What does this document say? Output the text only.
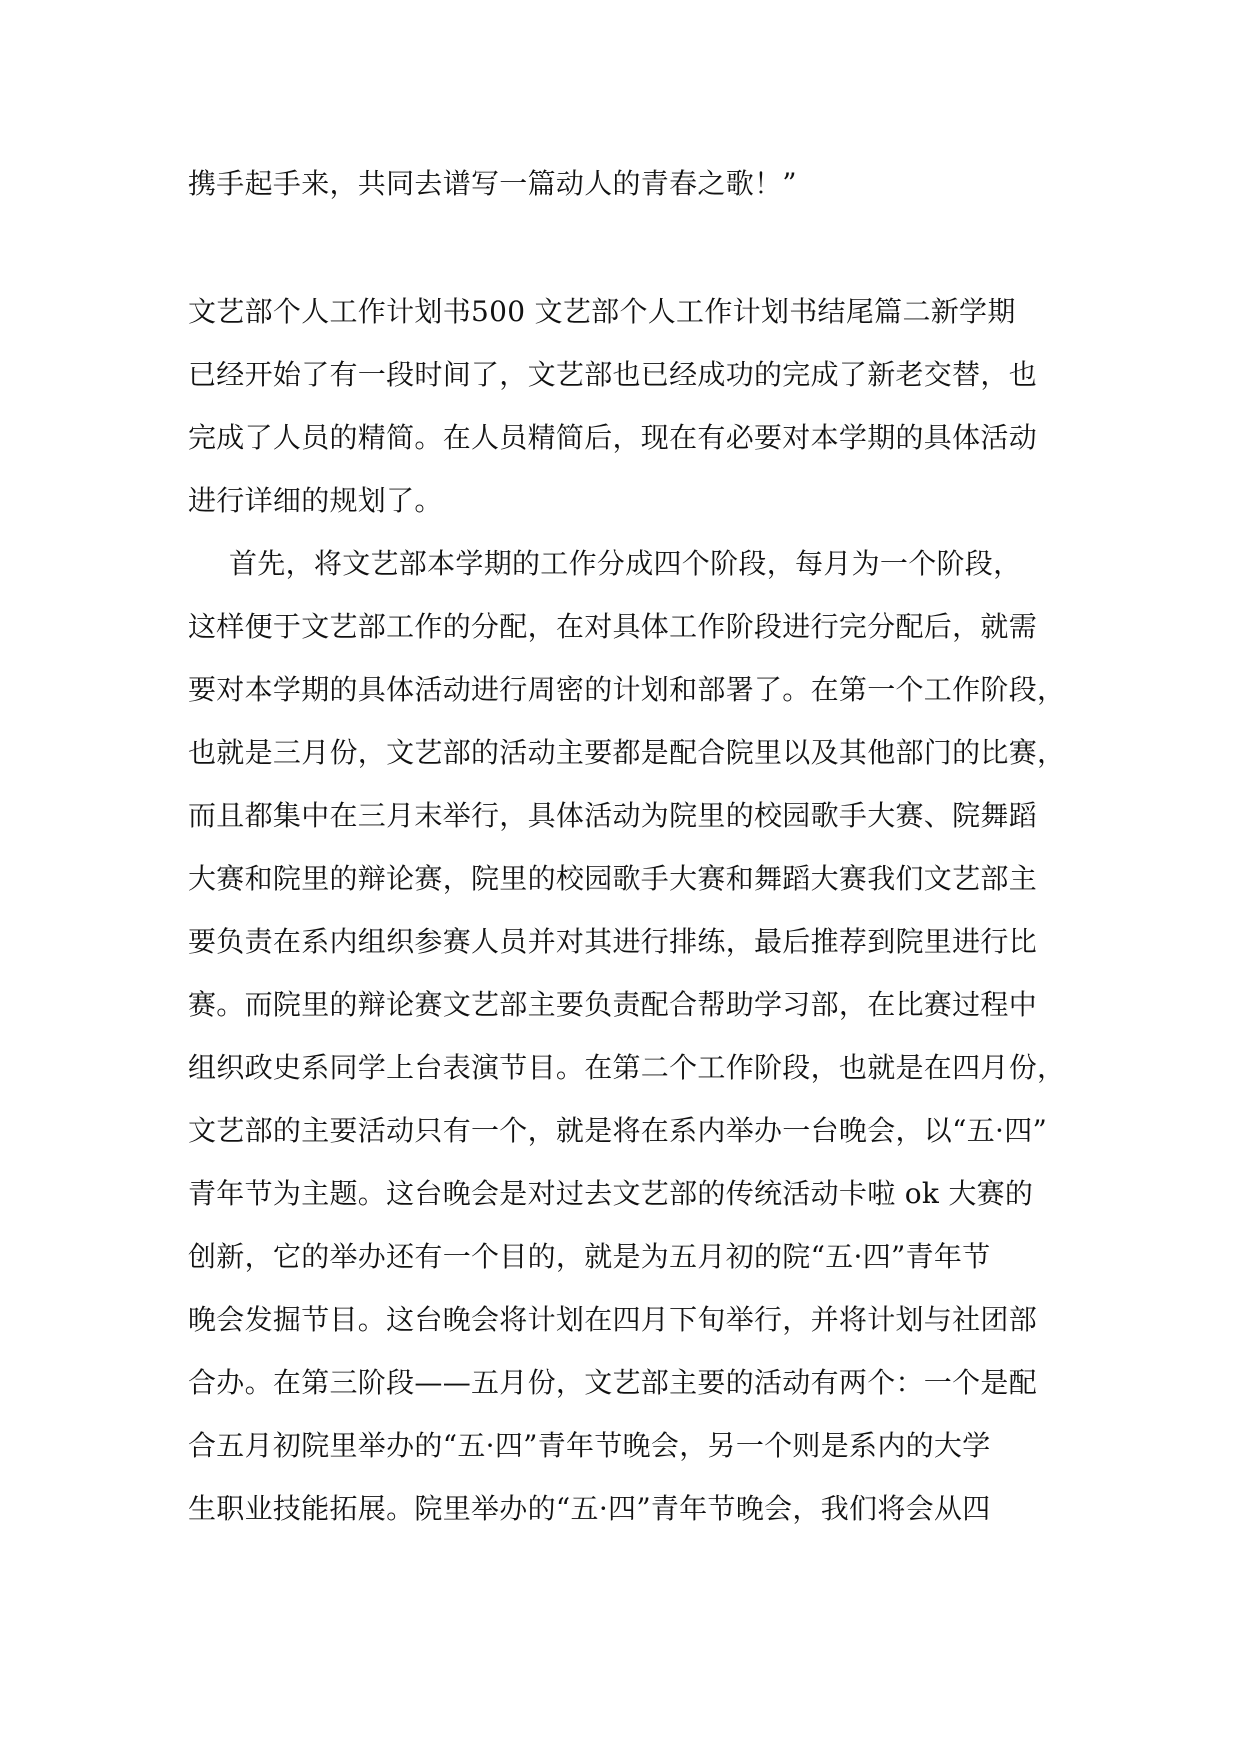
携手起手来，共同去谱写一篇动人的青春之歌！”
文艺部个人工作计划书500 文艺部个人工作计划书结尾篇二新学期
已经开始了有一段时间了，文艺部也已经成功的完成了新老交替，也
完成了人员的精简。在人员精简后，现在有必要对本学期的具体活动
进行详细的规划了。
首先，将文艺部本学期的工作分成四个阶段，每月为一个阶段，
这样便于文艺部工作的分配，在对具体工作阶段进行完分配后，就需
要对本学期的具体活动进行周密的计划和部署了。在第一个工作阶段，
也就是三月份，文艺部的活动主要都是配合院里以及其他部门的比赛，
而且都集中在三月末举行，具体活动为院里的校园歌手大赛、院舞蹈
大赛和院里的辩论赛，院里的校园歌手大赛和舞蹈大赛我们文艺部主
要负责在系内组织参赛人员并对其进行排练，最后推荐到院里进行比
赛。而院里的辩论赛文艺部主要负责配合帮助学习部，在比赛过程中
组织政史系同学上台表演节目。在第二个工作阶段，也就是在四月份，
文艺部的主要活动只有一个，就是将在系内举办一台晚会，以“五·四”
青年节为主题。这台晚会是对过去文艺部的传统活动卡啦 ok 大赛的
创新，它的举办还有一个目的，就是为五月初的院“五·四”青年节
晚会发掘节目。这台晚会将计划在四月下旬举行，并将计划与社团部
合办。在第三阶段——五月份，文艺部主要的活动有两个：一个是配
合五月初院里举办的“五·四”青年节晚会，另一个则是系内的大学
生职业技能拓展。院里举办的“五·四”青年节晚会，我们将会从四
